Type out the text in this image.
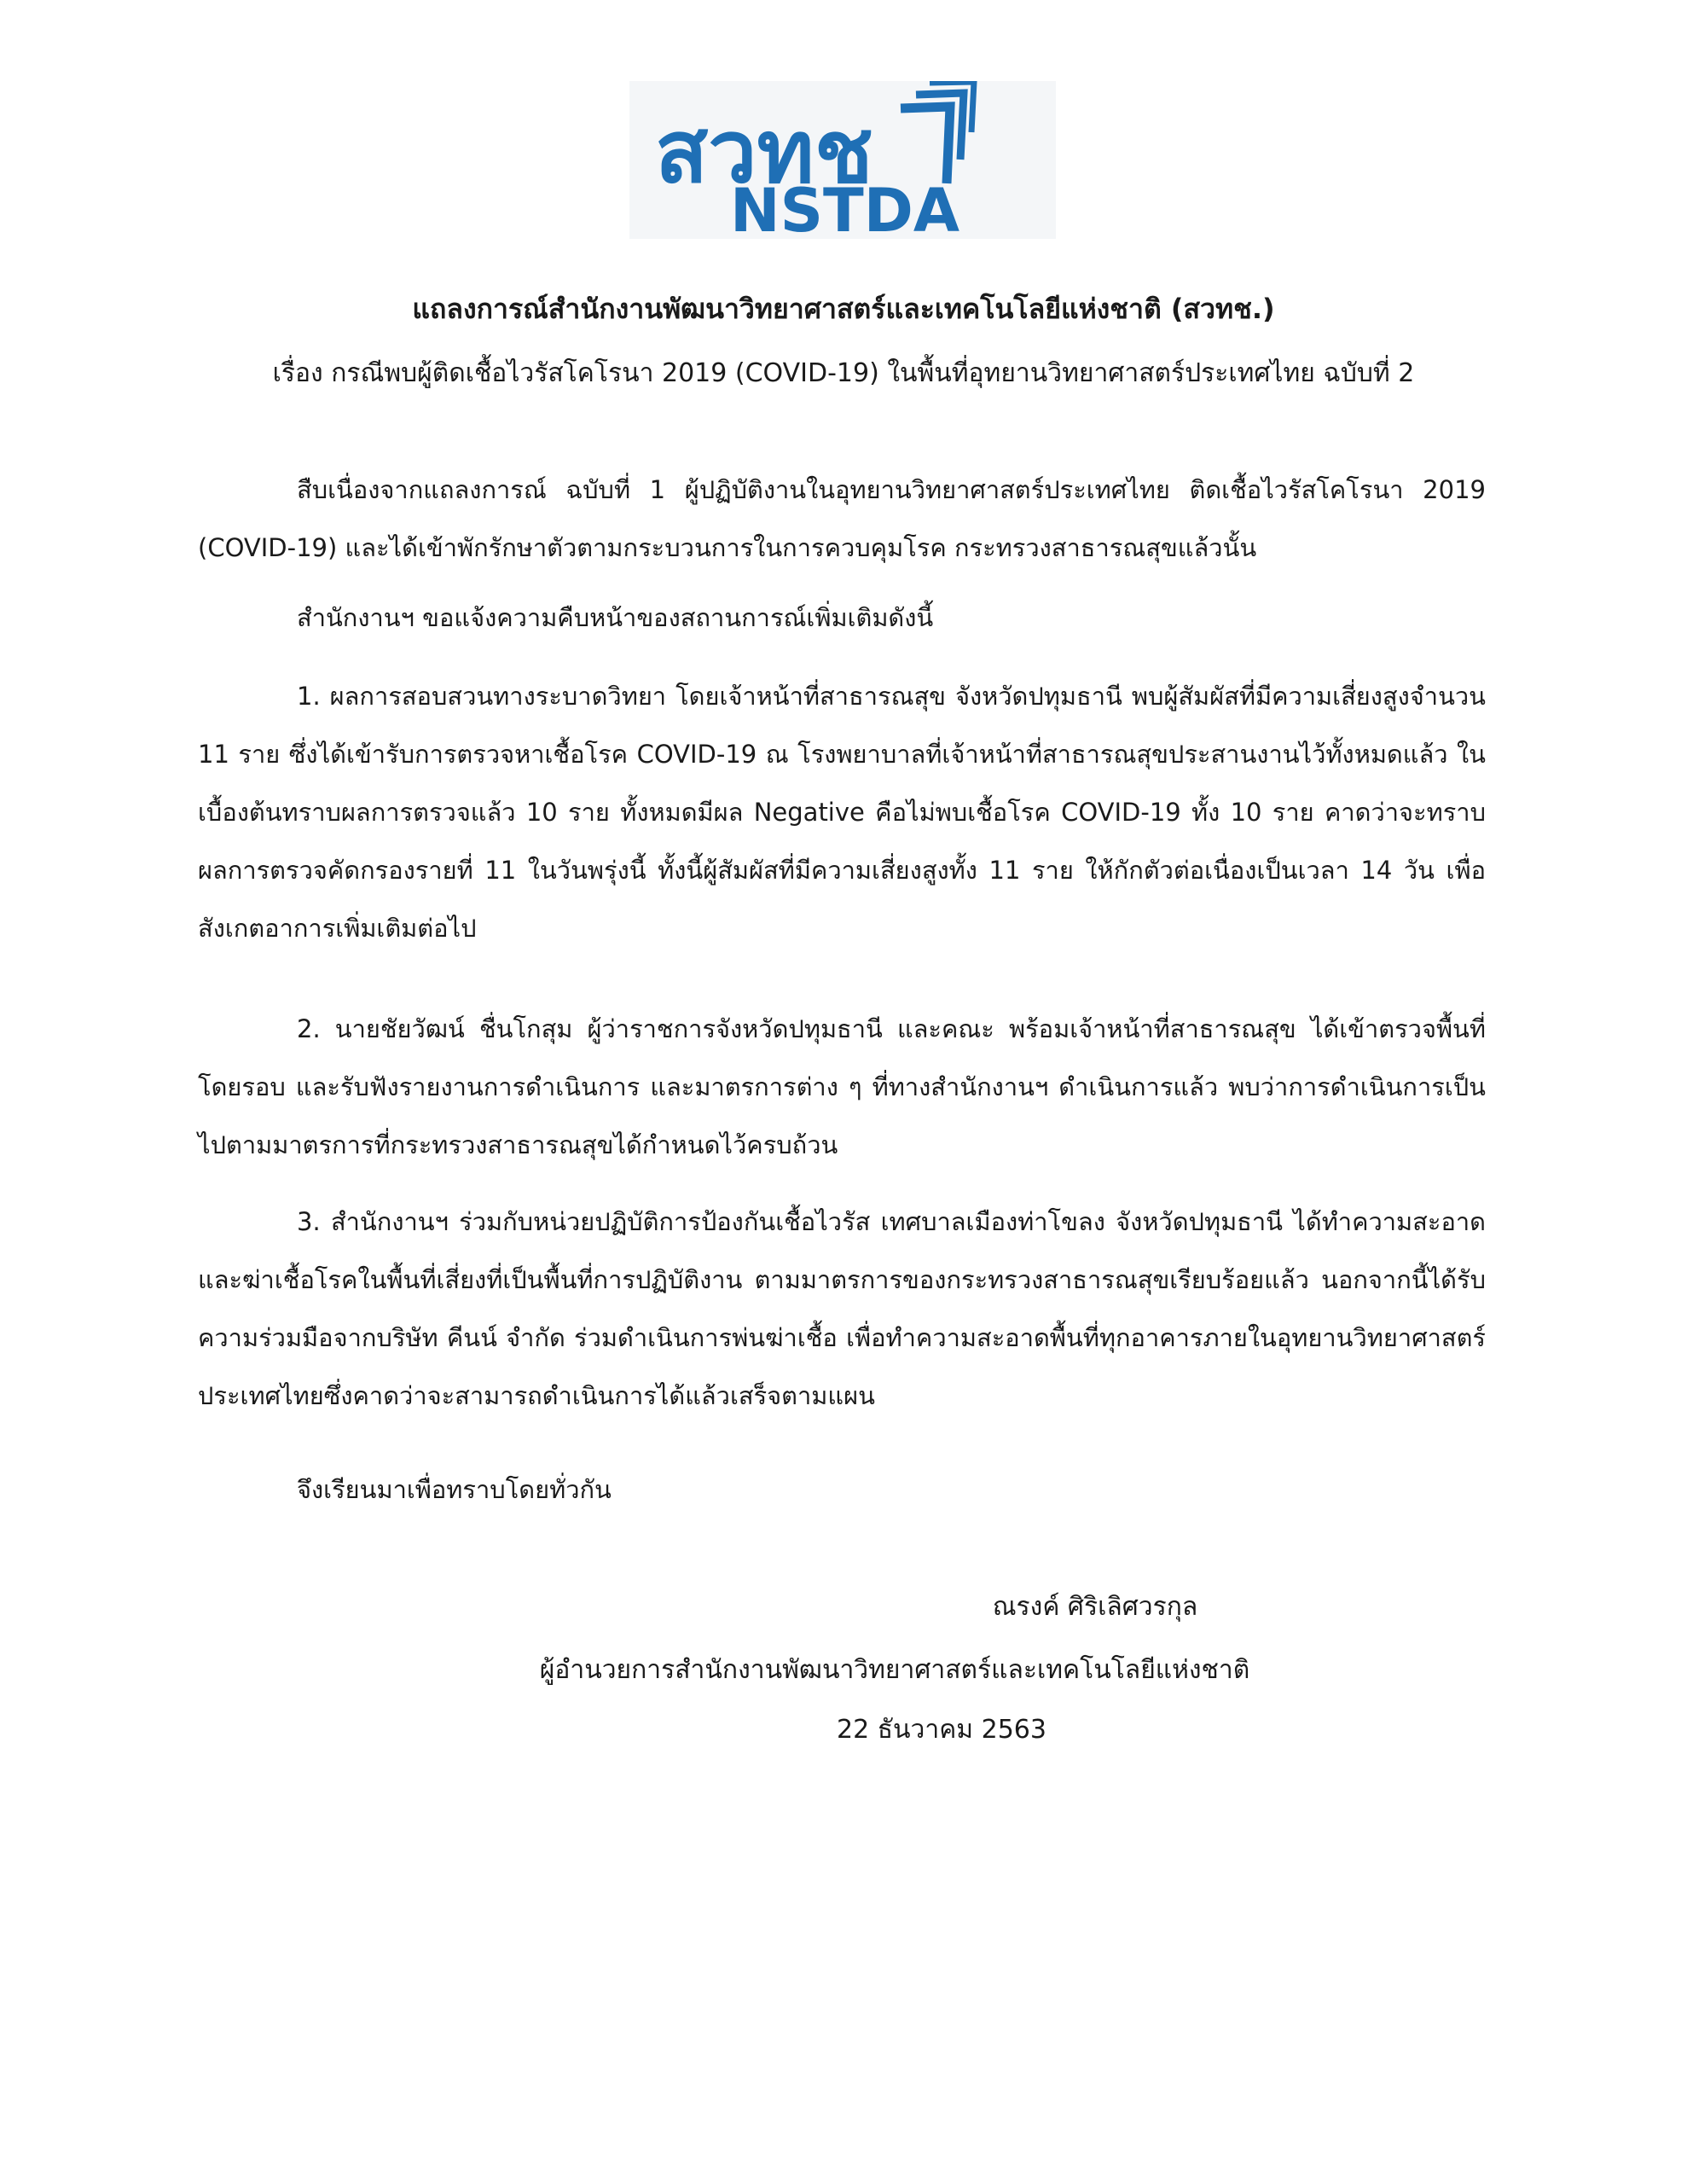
สวทช
NSTDA
แถลงการณ์สำนักงานพัฒนาวิทยาศาสตร์และเทคโนโลยีแห่งชาติ (สวทช.)
เรื่อง กรณีพบผู้ติดเชื้อไวรัสโคโรนา 2019 (COVID-19) ในพื้นที่อุทยานวิทยาศาสตร์ประเทศไทย ฉบับที่ 2

สืบเนื่องจากแถลงการณ์ ฉบับที่ 1 ผู้ปฏิบัติงานในอุทยานวิทยาศาสตร์ประเทศไทย ติดเชื้อไวรัสโคโรนา 2019 (COVID-19) และได้เข้าพักรักษาตัวตามกระบวนการในการควบคุมโรค กระทรวงสาธารณสุขแล้วนั้น

สำนักงานฯ ขอแจ้งความคืบหน้าของสถานการณ์เพิ่มเติมดังนี้

1. ผลการสอบสวนทางระบาดวิทยา โดยเจ้าหน้าที่สาธารณสุข จังหวัดปทุมธานี พบผู้สัมผัสที่มีความเสี่ยงสูงจำนวน 11 ราย ซึ่งได้เข้ารับการตรวจหาเชื้อโรค COVID-19 ณ โรงพยาบาลที่เจ้าหน้าที่สาธารณสุขประสานงานไว้ทั้งหมดแล้ว ในเบื้องต้นทราบผลการตรวจแล้ว 10 ราย ทั้งหมดมีผล Negative คือไม่พบเชื้อโรค COVID-19 ทั้ง 10 ราย คาดว่าจะทราบผลการตรวจคัดกรองรายที่ 11 ในวันพรุ่งนี้ ทั้งนี้ผู้สัมผัสที่มีความเสี่ยงสูงทั้ง 11 ราย ให้กักตัวต่อเนื่องเป็นเวลา 14 วัน เพื่อสังเกตอาการเพิ่มเติมต่อไป

2. นายชัยวัฒน์ ชื่นโกสุม ผู้ว่าราชการจังหวัดปทุมธานี และคณะ พร้อมเจ้าหน้าที่สาธารณสุข ได้เข้าตรวจพื้นที่โดยรอบ และรับฟังรายงานการดำเนินการ และมาตรการต่าง ๆ ที่ทางสำนักงานฯ ดำเนินการแล้ว พบว่าการดำเนินการเป็นไปตามมาตรการที่กระทรวงสาธารณสุขได้กำหนดไว้ครบถ้วน

3. สำนักงานฯ ร่วมกับหน่วยปฏิบัติการป้องกันเชื้อไวรัส เทศบาลเมืองท่าโขลง จังหวัดปทุมธานี ได้ทำความสะอาด และฆ่าเชื้อโรคในพื้นที่เสี่ยงที่เป็นพื้นที่การปฏิบัติงาน ตามมาตรการของกระทรวงสาธารณสุขเรียบร้อยแล้ว นอกจากนี้ได้รับความร่วมมือจากบริษัท คีนน์ จำกัด ร่วมดำเนินการพ่นฆ่าเชื้อ เพื่อทำความสะอาดพื้นที่ทุกอาคารภายในอุทยานวิทยาศาสตร์ประเทศไทยซึ่งคาดว่าจะสามารถดำเนินการได้แล้วเสร็จตามแผน

จึงเรียนมาเพื่อทราบโดยทั่วกัน

ณรงค์ ศิริเลิศวรกุล
ผู้อำนวยการสำนักงานพัฒนาวิทยาศาสตร์และเทคโนโลยีแห่งชาติ
22 ธันวาคม 2563
